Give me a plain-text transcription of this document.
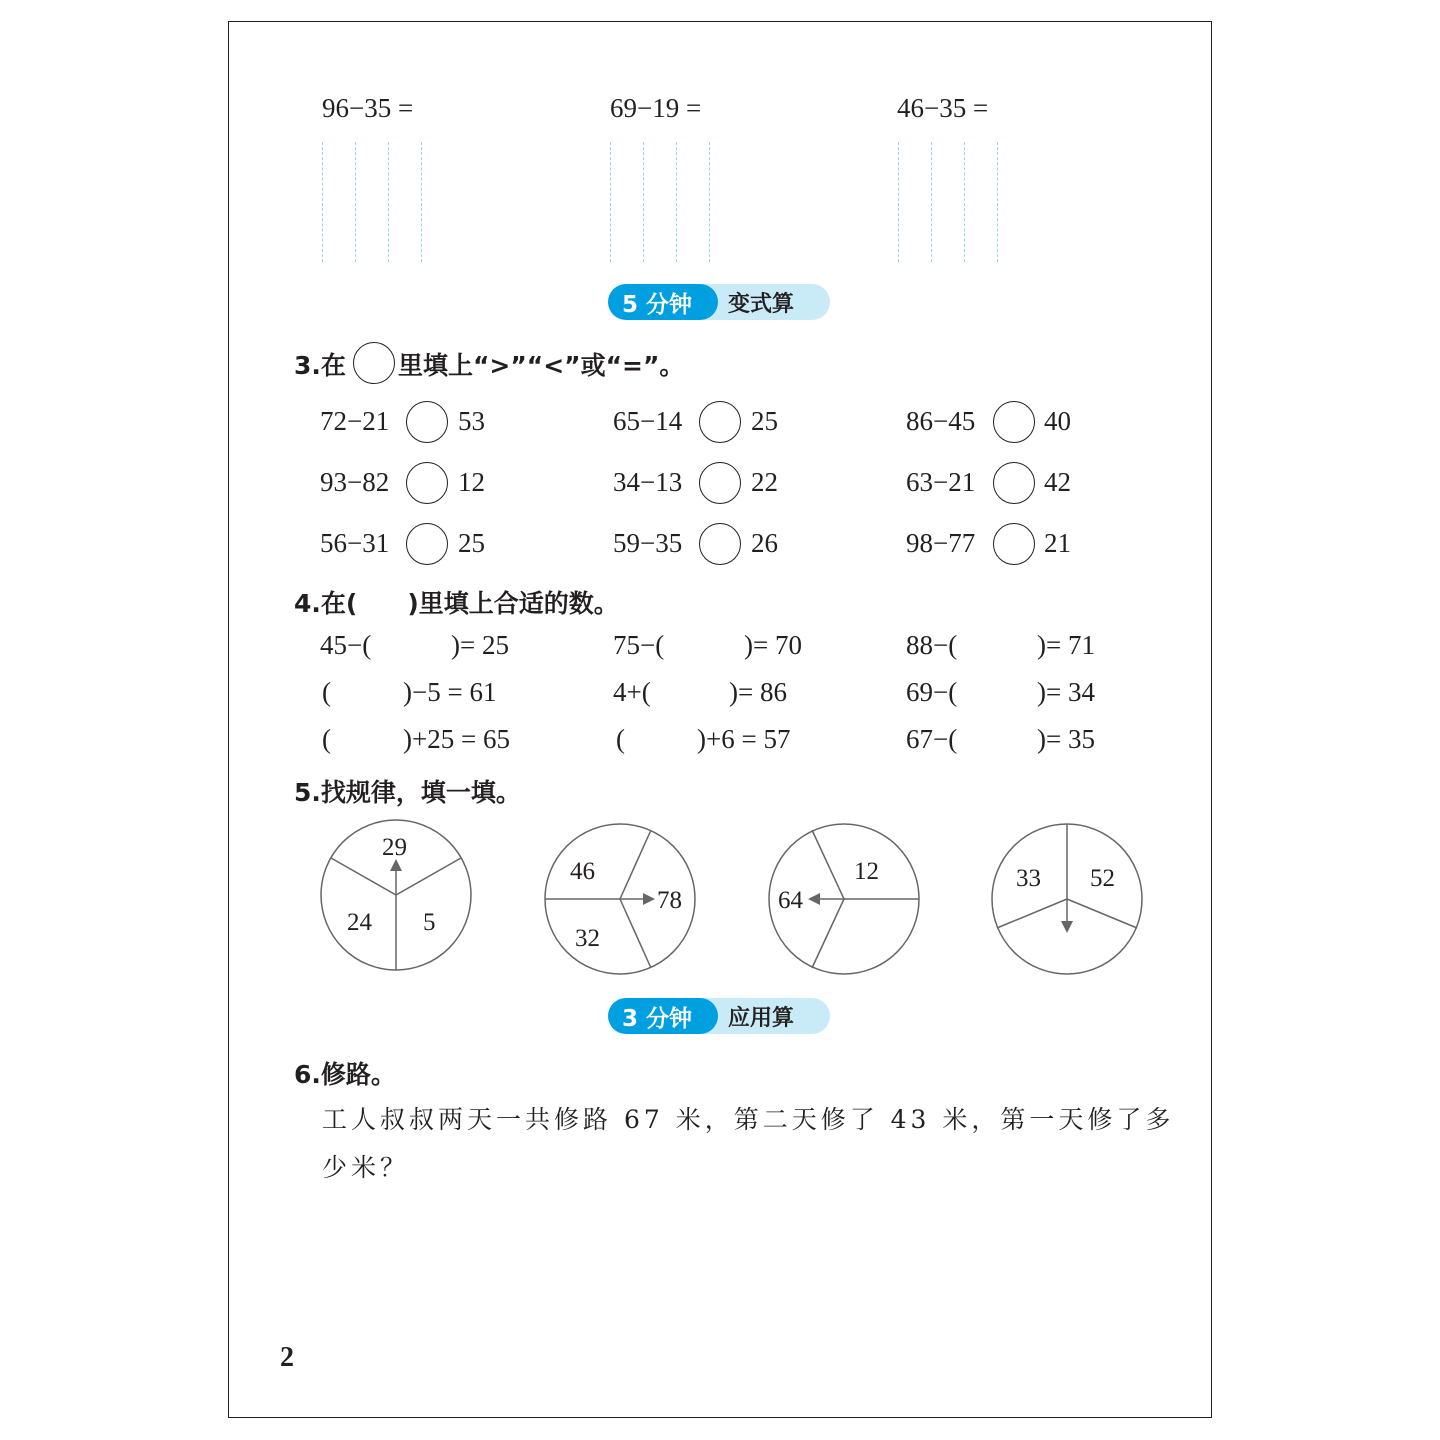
96−35 =	69−19 =	46−35 =
5 分钟	变式算
3.在 里填上“>”“<”或“=”。
72−21	53	65−14	25	86−45	40
93−82	12	34−13	22	63−21	42
56−31	25	59−35	26	98−77	21
4.在(　　)里填上合适的数。
45−(	)= 25	75−(	)= 70	88−(	)= 71
(	)−5 = 61	4+(	)= 86	69−(	)= 34
(	)+25 = 65	(	)+6 = 57	67−(	)= 35
5.找规律，填一填。
29
24 5
46
32
78
12
64
33 52
3 分钟	应用算
6.修路。
工人叔叔两天一共修路 67 米，第二天修了 43 米，第一天修了多
少米？
2
